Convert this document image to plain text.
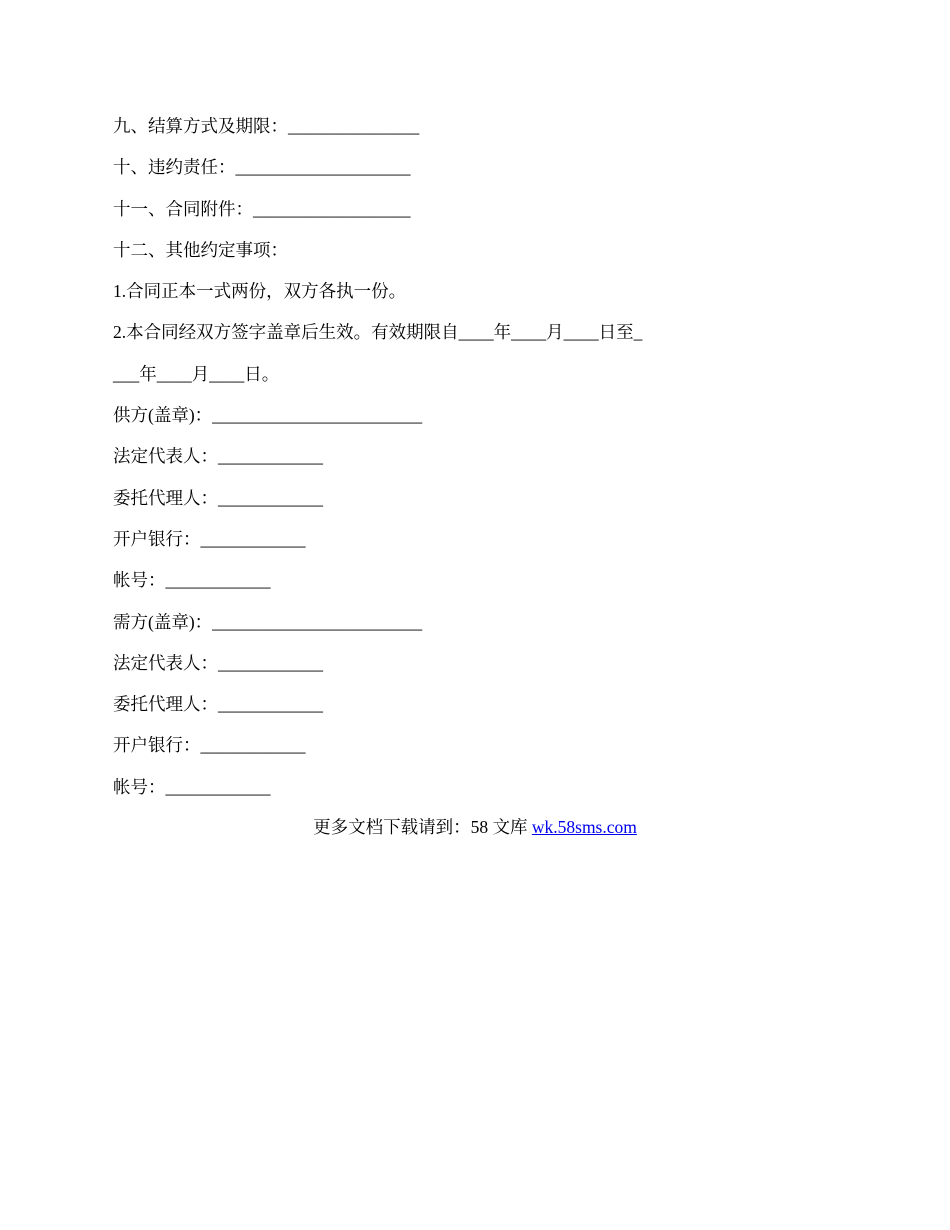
九、结算方式及期限：_______________
十、违约责任：____________________
十一、合同附件：__________________
十二、其他约定事项：
1.合同正本一式两份，双方各执一份。
2.本合同经双方签字盖章后生效。有效期限自____年____月____日至_
___年____月____日。
供方(盖章)：________________________
法定代表人：____________
委托代理人：____________
开户银行：____________
帐号：____________
需方(盖章)：________________________
法定代表人：____________
委托代理人：____________
开户银行：____________
帐号：____________
更多文档下载请到：58 文库 wk.58sms.com
